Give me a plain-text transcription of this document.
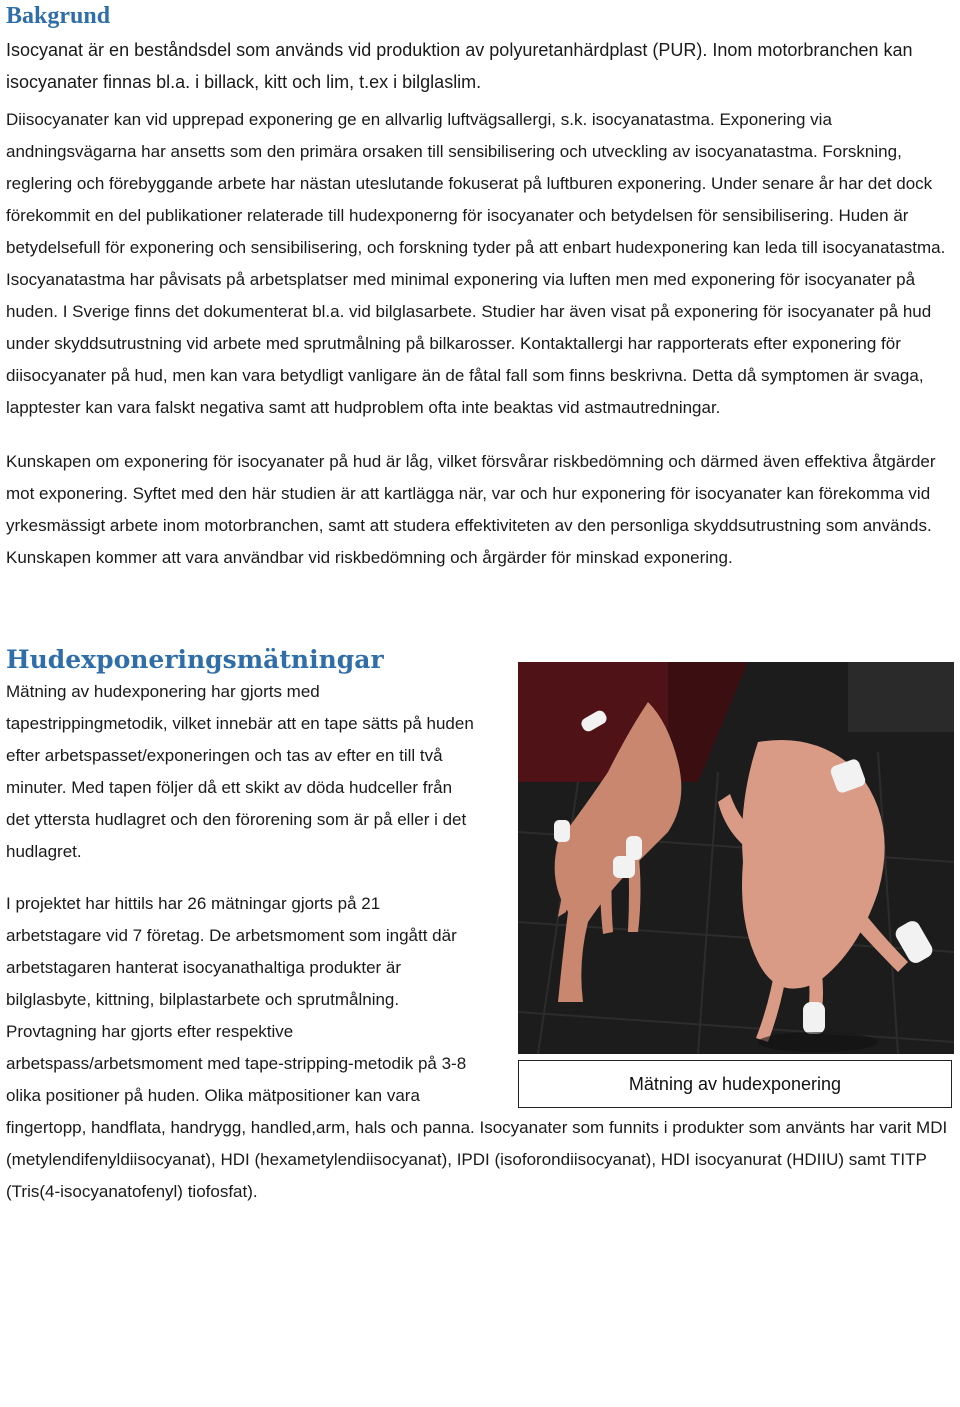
Bakgrund

Isocyanat är en beståndsdel som används vid produktion av polyuretanhärdplast (PUR). Inom motorbranchen kan isocyanater finnas bl.a. i billack, kitt och lim, t.ex i bilglaslim.

Diisocyanater kan vid upprepad exponering ge en allvarlig luftvägsallergi, s.k. isocyanatastma. Exponering via andningsvägarna har ansetts som den primära orsaken till sensibilisering och utveckling av isocyanatastma. Forskning, reglering och förebyggande arbete har nästan uteslutande fokuserat på luftburen exponering. Under senare år har det dock förekommit en del publikationer relaterade till hudexponerng för isocyanater och betydelsen för sensibilisering. Huden är betydelsefull för exponering och sensibilisering, och forskning tyder på att enbart hudexponering kan leda till isocyanatastma. Isocyanatastma har påvisats på arbetsplatser med minimal exponering via luften men med exponering för isocyanater på huden. I Sverige finns det dokumenterat bl.a. vid bilglasarbete. Studier har även visat på exponering för isocyanater på hud under skyddsutrustning vid arbete med sprutmålning på bilkarosser. Kontaktallergi har rapporterats efter exponering för diisocyanater på hud, men kan vara betydligt vanligare än de fåtal fall som finns beskrivna. Detta då symptomen är svaga, lapptester kan vara falskt negativa samt att hudproblem ofta inte beaktas vid astmautredningar.

Kunskapen om exponering för isocyanater på hud är låg, vilket försvårar riskbedömning och därmed även effektiva åtgärder mot exponering. Syftet med den här studien är att kartlägga när, var och hur exponering för isocyanater kan förekomma vid yrkesmässigt arbete inom motorbranchen, samt att studera effektiviteten av den personliga skyddsutrustning som används. Kunskapen kommer att vara användbar vid riskbedömning och årgärder för minskad exponering.

Hudexponeringsmätningar
Mätning av hudexponering

Mätning av hudexponering har gjorts med tapestrippingmetodik, vilket innebär att en tape sätts på huden efter arbetspasset/exponeringen och tas av efter en till två minuter. Med tapen följer då ett skikt av döda hudceller från det yttersta hudlagret och den förorening som är på eller i det hudlagret.

I projektet har hittils har 26 mätningar gjorts på 21 arbetstagare vid 7 företag. De arbetsmoment som ingått där arbetstagaren hanterat isocyanathaltiga produkter är bilglasbyte, kittning, bilplastarbete och sprutmålning. Provtagning har gjorts efter respektive arbetspass/arbetsmoment med tape-stripping-metodik på 3-8 olika positioner på huden. Olika mätpositioner kan vara fingertopp, handflata, handrygg, handled,arm, hals och panna. Isocyanater som funnits i produkter som använts har varit MDI (metylendifenyldiisocyanat), HDI (hexametylendiisocyanat), IPDI (isoforondiisocyanat), HDI isocyanurat (HDIIU) samt TITP (Tris(4-isocyanatofenyl) tiofosfat).
